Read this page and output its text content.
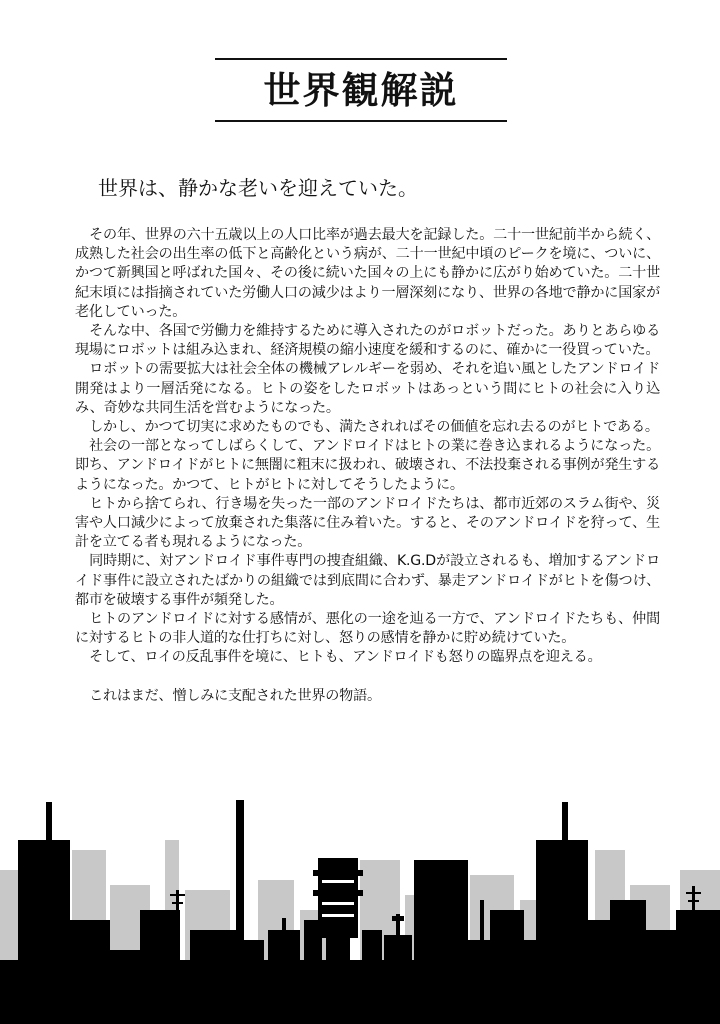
世界観解説
世界は、静かな老いを迎えていた。

その年、世界の六十五歳以上の人口比率が過去最大を記録した。二十一世紀前半から続く、成熟した社会の出生率の低下と高齢化という病が、二十一世紀中頃のピークを境に、ついに、かつて新興国と呼ばれた国々、その後に続いた国々の上にも静かに広がり始めていた。二十世紀末頃には指摘されていた労働人口の減少はより一層深刻になり、世界の各地で静かに国家が老化していった。

そんな中、各国で労働力を維持するために導入されたのがロボットだった。ありとあらゆる現場にロボットは組み込まれ、経済規模の縮小速度を緩和するのに、確かに一役買っていた。

ロボットの需要拡大は社会全体の機械アレルギーを弱め、それを追い風としたアンドロイド開発はより一層活発になる。ヒトの姿をしたロボットはあっという間にヒトの社会に入り込み、奇妙な共同生活を営むようになった。

しかし、かつて切実に求めたものでも、満たされればその価値を忘れ去るのがヒトである。

社会の一部となってしばらくして、アンドロイドはヒトの業に巻き込まれるようになった。即ち、アンドロイドがヒトに無闇に粗末に扱われ、破壊され、不法投棄される事例が発生するようになった。かつて、ヒトがヒトに対してそうしたように。

ヒトから捨てられ、行き場を失った一部のアンドロイドたちは、都市近郊のスラム街や、災害や人口減少によって放棄された集落に住み着いた。すると、そのアンドロイドを狩って、生計を立てる者も現れるようになった。

同時期に、対アンドロイド事件専門の捜査組織、K.G.Dが設立されるも、増加するアンドロイド事件に設立されたばかりの組織では到底間に合わず、暴走アンドロイドがヒトを傷つけ、都市を破壊する事件が頻発した。

ヒトのアンドロイドに対する感情が、悪化の一途を辿る一方で、アンドロイドたちも、仲間に対するヒトの非人道的な仕打ちに対し、怒りの感情を静かに貯め続けていた。

そして、ロイの反乱事件を境に、ヒトも、アンドロイドも怒りの臨界点を迎える。

これはまだ、憎しみに支配された世界の物語。
